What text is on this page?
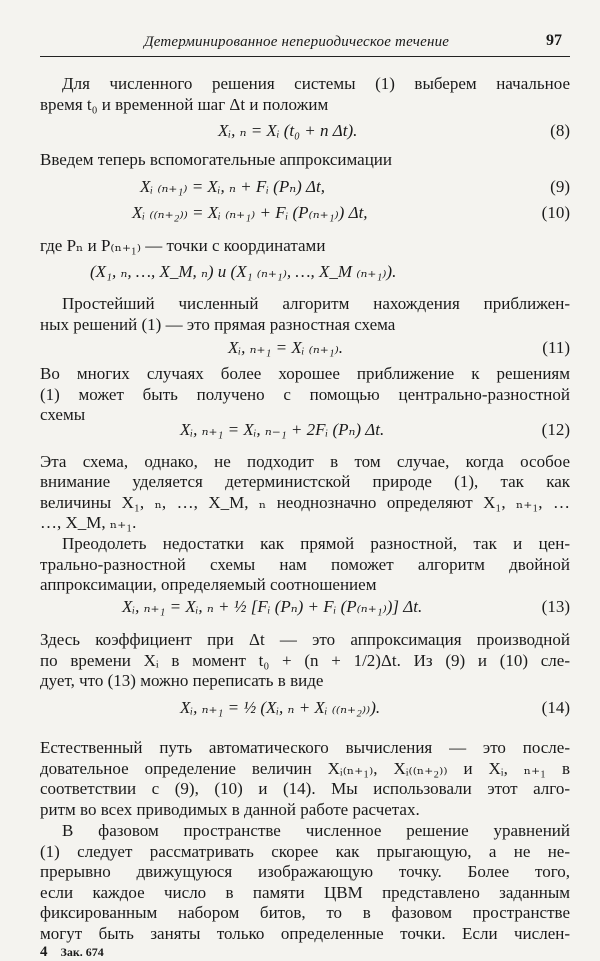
Детерминированное непериодическое течение	97
Для численного решения системы (1) выберем начальное
время t₀ и временной шаг Δt и положим
Xᵢ, ₙ = Xᵢ (t₀ + n Δt).	(8)
Введем теперь вспомогательные аппроксимации
Xᵢ ₍ₙ₊₁₎ = Xᵢ, ₙ + Fᵢ (Pₙ) Δt,	(9)
Xᵢ ₍₍ₙ₊₂₎₎ = Xᵢ ₍ₙ₊₁₎ + Fᵢ (P₍ₙ₊₁₎) Δt,	(10)
где Pₙ и P₍ₙ₊₁₎ — точки с координатами
(X₁, ₙ, …, X_M, ₙ) и (X₁ ₍ₙ₊₁₎, …, X_M ₍ₙ₊₁₎).
Простейший численный алгоритм нахождения приближен-
ных решений (1) — это прямая разностная схема
Xᵢ, ₙ₊₁ = Xᵢ ₍ₙ₊₁₎.	(11)
Во многих случаях более хорошее приближение к решениям
(1) может быть получено с помощью центрально-разностной
схемы
Xᵢ, ₙ₊₁ = Xᵢ, ₙ₋₁ + 2Fᵢ (Pₙ) Δt.	(12)
Эта схема, однако, не подходит в том случае, когда особое
внимание уделяется детерминистской природе (1), так как
величины X₁, ₙ, …, X_M, ₙ неоднозначно определяют X₁, ₙ₊₁, …
…, X_M, ₙ₊₁.
Преодолеть недостатки как прямой разностной, так и цен-
трально-разностной схемы нам поможет алгоритм двойной
аппроксимации, определяемый соотношением
Xᵢ, ₙ₊₁ = Xᵢ, ₙ + ½ [Fᵢ (Pₙ) + Fᵢ (P₍ₙ₊₁₎)] Δt.	(13)
Здесь коэффициент при Δt — это аппроксимация производной
по времени Xᵢ в момент t₀ + (n + 1/2)Δt. Из (9) и (10) сле-
дует, что (13) можно переписать в виде
Xᵢ, ₙ₊₁ = ½ (Xᵢ, ₙ + Xᵢ ₍₍ₙ₊₂₎₎).	(14)
Естественный путь автоматического вычисления — это после-
довательное определение величин Xᵢ₍ₙ₊₁₎, Xᵢ₍₍ₙ₊₂₎₎ и Xᵢ, ₙ₊₁ в
соответствии с (9), (10) и (14). Мы использовали этот алго-
ритм во всех приводимых в данной работе расчетах.
В фазовом пространстве численное решение уравнений
(1) следует рассматривать скорее как прыгающую, а не не-
прерывно движущуюся изображающую точку. Более того,
если каждое число в памяти ЦВМ представлено заданным
фиксированным набором битов, то в фазовом пространстве
могут быть заняты только определенные точки. Если числен-
4 Зак. 674
